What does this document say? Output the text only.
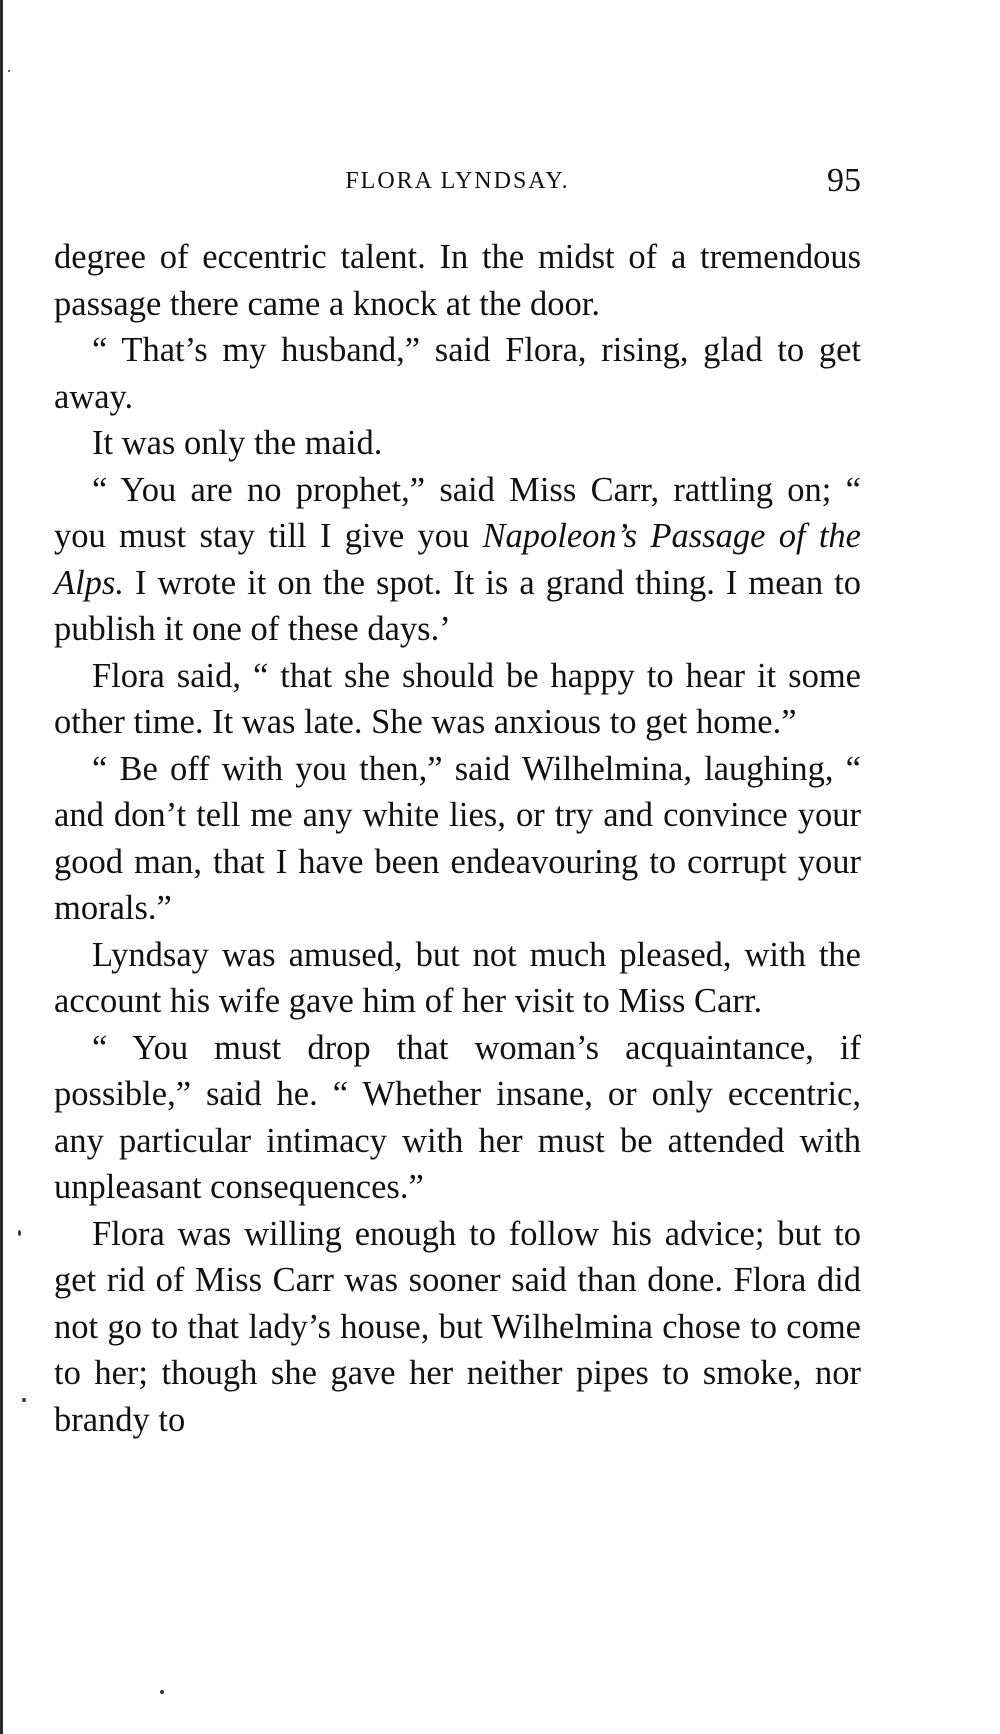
FLORA LYNDSAY.	95

degree of eccentric talent. In the midst of a tremendous passage there came a knock at the door.

“ That’s my husband,” said Flora, rising, glad to get away.

It was only the maid.

“ You are no prophet,” said Miss Carr, rattling on; “ you must stay till I give you Napoleon’s Passage of the Alps. I wrote it on the spot. It is a grand thing. I mean to publish it one of these days.’

Flora said, “ that she should be happy to hear it some other time. It was late. She was anxious to get home.”

“ Be off with you then,” said Wilhelmina, laughing, “ and don’t tell me any white lies, or try and convince your good man, that I have been endeavouring to corrupt your morals.”

Lyndsay was amused, but not much pleased, with the account his wife gave him of her visit to Miss Carr.

“ You must drop that woman’s acquaintance, if possible,” said he. “ Whether insane, or only eccentric, any particular intimacy with her must be attended with unpleasant consequences.”

Flora was willing enough to follow his advice; but to get rid of Miss Carr was sooner said than done. Flora did not go to that lady’s house, but Wilhelmina chose to come to her; though she gave her neither pipes to smoke, nor brandy to
